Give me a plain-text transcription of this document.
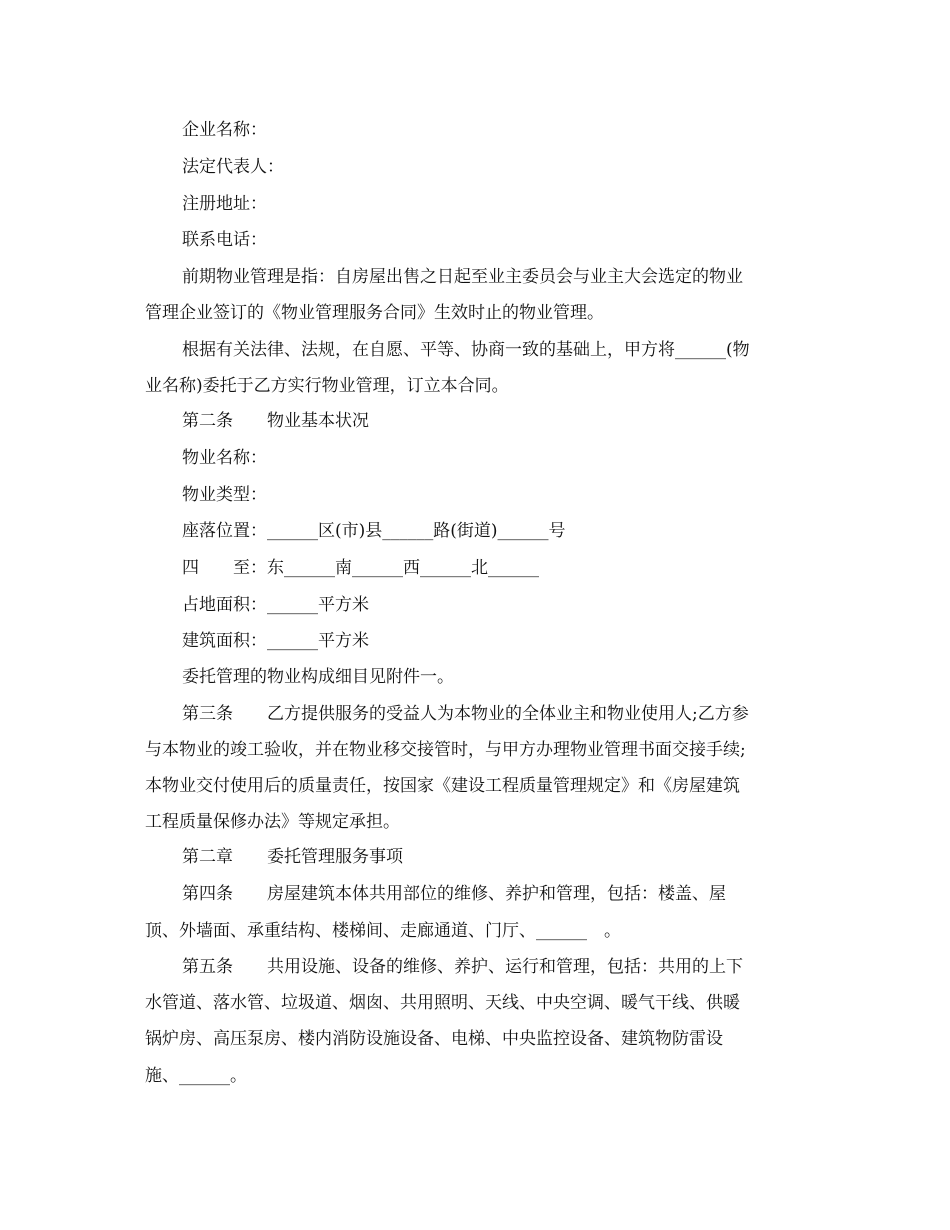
企业名称：

法定代表人：

注册地址：

联系电话：

前期物业管理是指：自房屋出售之日起至业主委员会与业主大会选定的物业

管理企业签订的《物业管理服务合同》生效时止的物业管理。

根据有关法律、法规，在自愿、平等、协商一致的基础上，甲方将______(物

业名称)委托于乙方实行物业管理，订立本合同。

第二条　　物业基本状况

物业名称：

物业类型：

座落位置：______区(市)县______路(街道)______号

四　　至：东______南______西______北______

占地面积：______平方米

建筑面积：______平方米

委托管理的物业构成细目见附件一。

第三条　　乙方提供服务的受益人为本物业的全体业主和物业使用人;乙方参

与本物业的竣工验收，并在物业移交接管时，与甲方办理物业管理书面交接手续;

本物业交付使用后的质量责任，按国家《建设工程质量管理规定》和《房屋建筑

工程质量保修办法》等规定承担。

第二章　　委托管理服务事项

第四条　　房屋建筑本体共用部位的维修、养护和管理，包括：楼盖、屋

顶、外墙面、承重结构、楼梯间、走廊通道、门厅、______　。

第五条　　共用设施、设备的维修、养护、运行和管理，包括：共用的上下

水管道、落水管、垃圾道、烟囱、共用照明、天线、中央空调、暖气干线、供暖

锅炉房、高压泵房、楼内消防设施设备、电梯、中央监控设备、建筑物防雷设

施、______。
